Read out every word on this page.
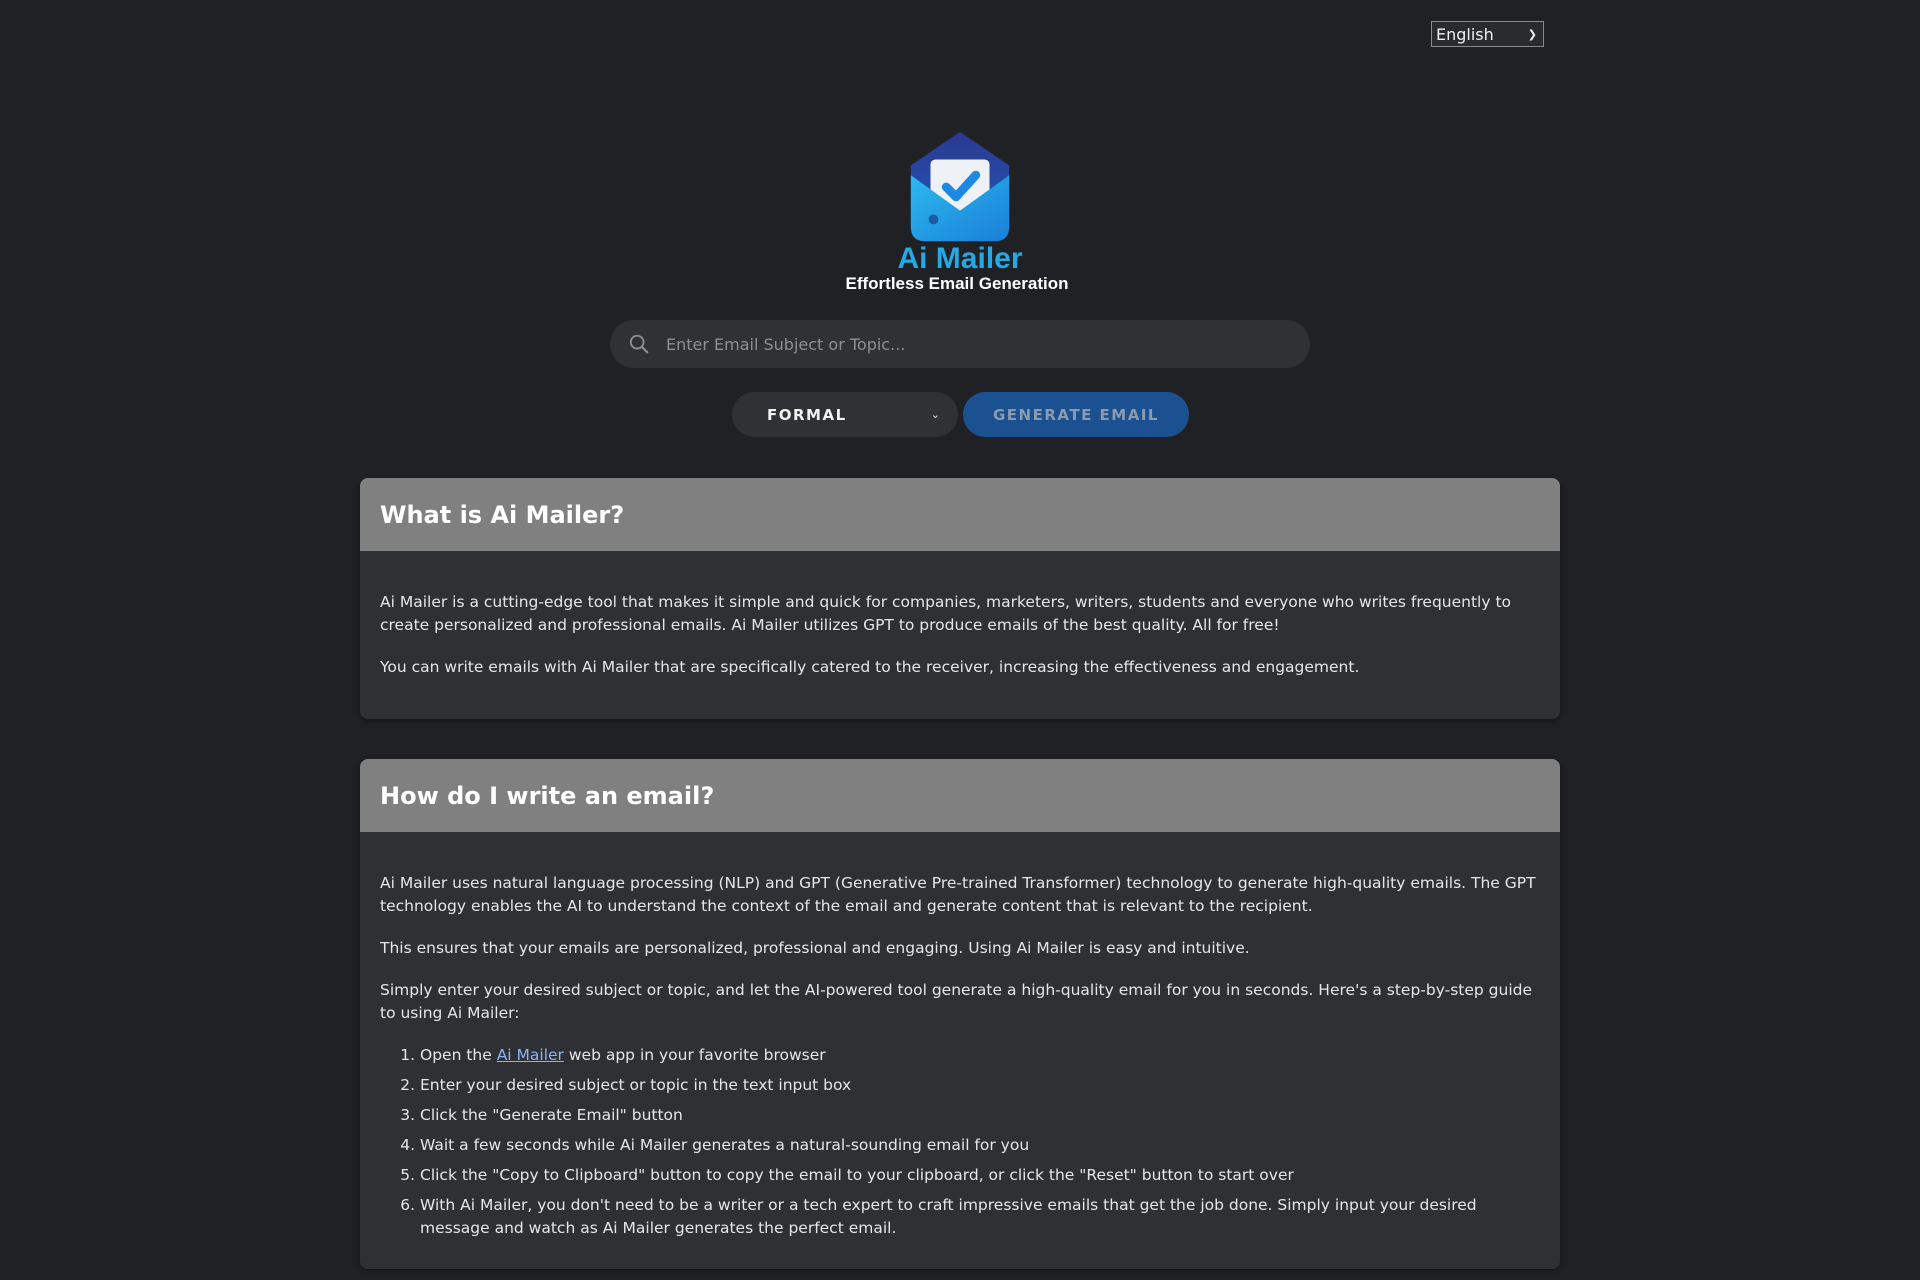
English	❯
Ai Mailer
Effortless Email Generation
Enter Email Subject or Topic...
FORMAL	⌄	GENERATE EMAIL
What is Ai Mailer?

Ai Mailer is a cutting-edge tool that makes it simple and quick for companies, marketers, writers, students and everyone who writes frequently to create personalized and professional emails. Ai Mailer utilizes GPT to produce emails of the best quality. All for free!

You can write emails with Ai Mailer that are specifically catered to the receiver, increasing the effectiveness and engagement.

How do I write an email?

Ai Mailer uses natural language processing (NLP) and GPT (Generative Pre-trained Transformer) technology to generate high-quality emails. The GPT technology enables the AI to understand the context of the email and generate content that is relevant to the recipient.

This ensures that your emails are personalized, professional and engaging. Using Ai Mailer is easy and intuitive.

Simply enter your desired subject or topic, and let the AI-powered tool generate a high-quality email for you in seconds. Here's a step-by-step guide to using Ai Mailer:

1. Open the Ai Mailer web app in your favorite browser
2. Enter your desired subject or topic in the text input box
3. Click the "Generate Email" button
4. Wait a few seconds while Ai Mailer generates a natural-sounding email for you
5. Click the "Copy to Clipboard" button to copy the email to your clipboard, or click the "Reset" button to start over
6. With Ai Mailer, you don't need to be a writer or a tech expert to craft impressive emails that get the job done. Simply input your desired message and watch as Ai Mailer generates the perfect email.
